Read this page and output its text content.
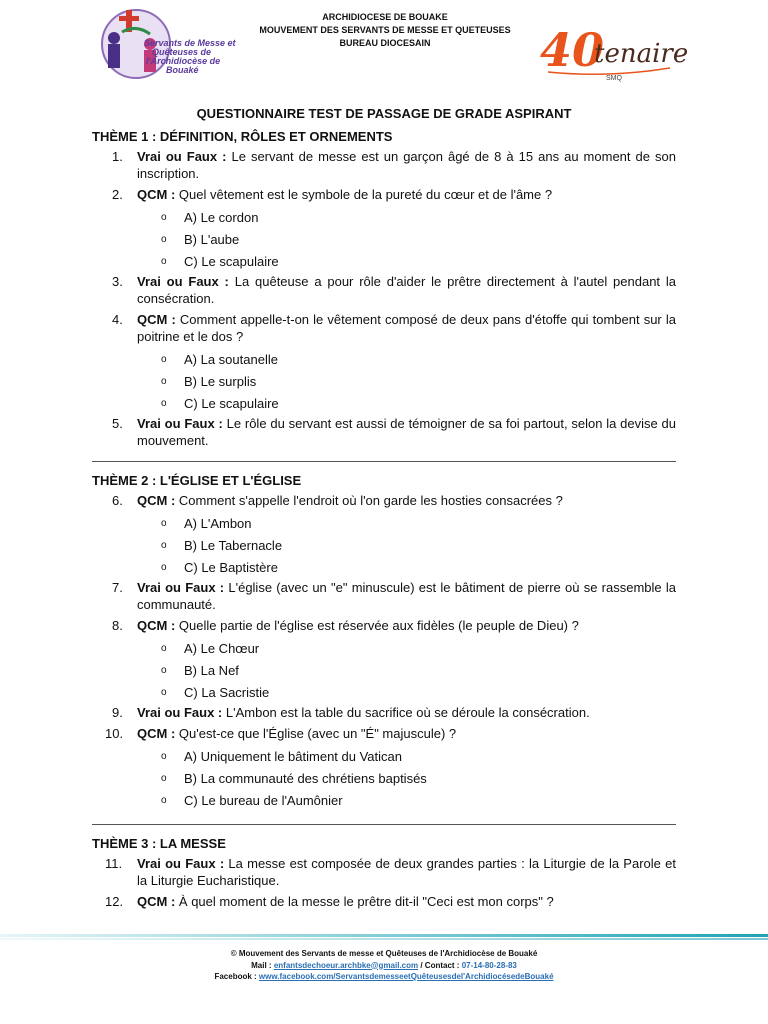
Servants de Messe et
Quêteuses de
l'Archidiocèse de
Bouaké
ARCHIDIOCESE DE BOUAKE
MOUVEMENT DES SERVANTS DE MESSE ET QUETEUSES
BUREAU DIOCESAIN	40
tenaire
SMQ
QUESTIONNAIRE TEST DE PASSAGE DE GRADE ASPIRANT
THÈME 1 : DÉFINITION, RÔLES ET ORNEMENTS
1. Vrai ou Faux : Le servant de messe est un garçon âgé de 8 à 15 ans au moment de son inscription.
2. QCM : Quel vêtement est le symbole de la pureté du cœur et de l'âme ?
o A) Le cordon
o B) L'aube
o C) Le scapulaire
3. Vrai ou Faux : La quêteuse a pour rôle d'aider le prêtre directement à l'autel pendant la consécration.
4. QCM : Comment appelle-t-on le vêtement composé de deux pans d'étoffe qui tombent sur la poitrine et le dos ?
o A) La soutanelle
o B) Le surplis
o C) Le scapulaire
5. Vrai ou Faux : Le rôle du servant est aussi de témoigner de sa foi partout, selon la devise du mouvement.
THÈME 2 : L'ÉGLISE ET L'ÉGLISE
6. QCM : Comment s'appelle l'endroit où l'on garde les hosties consacrées ?
o A) L'Ambon
o B) Le Tabernacle
o C) Le Baptistère
7. Vrai ou Faux : L'église (avec un "e" minuscule) est le bâtiment de pierre où se rassemble la communauté.
8. QCM : Quelle partie de l'église est réservée aux fidèles (le peuple de Dieu) ?
o A) Le Chœur
o B) La Nef
o C) La Sacristie
9. Vrai ou Faux : L'Ambon est la table du sacrifice où se déroule la consécration.
10. QCM : Qu'est-ce que l'Église (avec un "É" majuscule) ?
o A) Uniquement le bâtiment du Vatican
o B) La communauté des chrétiens baptisés
o C) Le bureau de l'Aumônier
THÈME 3 : LA MESSE
11. Vrai ou Faux : La messe est composée de deux grandes parties : la Liturgie de la Parole et la Liturgie Eucharistique.
12. QCM : À quel moment de la messe le prêtre dit-il "Ceci est mon corps" ?
© Mouvement des Servants de messe et Quêteuses de l'Archidiocèse de Bouaké
Mail : enfantsdechoeur.archbke@gmail.com / Contact : 07-14-80-28-83
Facebook : www.facebook.com/ServantsdemesseetQuêteusesdel'ArchidiocésedeBouaké
